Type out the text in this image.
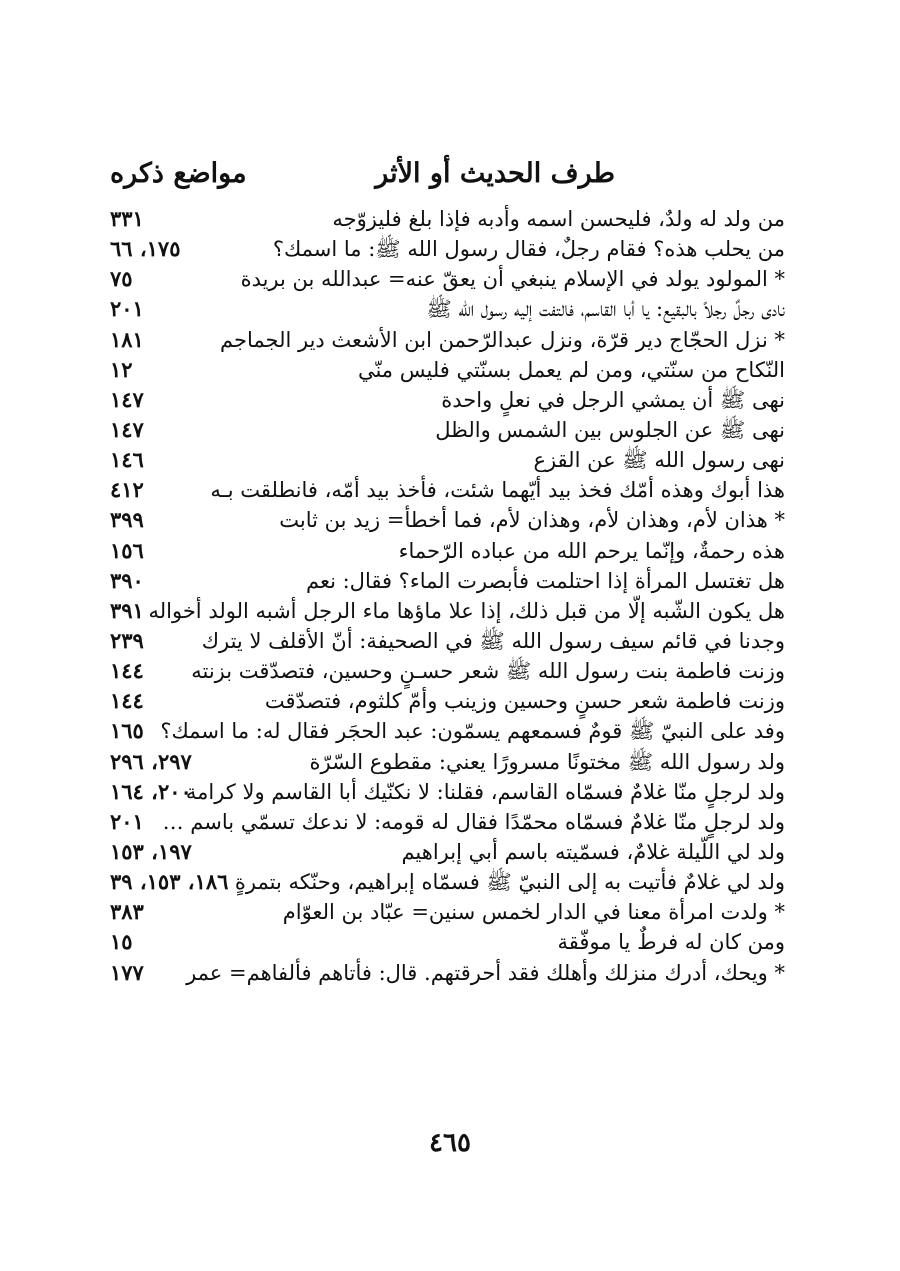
طرف الحديث أو الأثر
مواضع ذكره
من ولد له ولدٌ، فليحسن اسمه وأدبه فإذا بلغ فليزوّجه
٣٣١
من يحلب هذه؟ فقام رجلٌ، فقال رسول الله ﷺ: ما اسمك؟
١٧٥، ٦٦
* المولود يولد في الإسلام ينبغي أن يعقّ عنه= عبدالله بن بريدة
٧٥
نادى رجلٌ رجلاً بالبقيع: يا أبا القاسم، فالتفت إليه رسول الله ﷺ
٢٠١
* نزل الحجّاج دير قرّة، ونزل عبدالرّحمن ابن الأشعث دير الجماجم
١٨١
النّكاح من سنّتي، ومن لم يعمل بسنّتي فليس منّي
١٢
نهى ﷺ أن يمشي الرجل في نعلٍ واحدة
١٤٧
نهى ﷺ عن الجلوس بين الشمس والظل
١٤٧
نهى رسول الله ﷺ عن القزع
١٤٦
هذا أبوك وهذه أمّك فخذ بيد أيّهما شئت، فأخذ بيد أمّه، فانطلقت بـه
٤١٢
* هذان لأم، وهذان لأم، وهذان لأم، فما أخطأ= زيد بن ثابت
٣٩٩
هذه رحمةٌ، وإنّما يرحم الله من عباده الرّحماء
١٥٦
هل تغتسل المرأة إذا احتلمت فأبصرت الماء؟ فقال: نعم
٣٩٠
هل يكون الشّبه إلّا من قبل ذلك، إذا علا ماؤها ماء الرجل أشبه الولد أخواله
٣٩١
وجدنا في قائم سيف رسول الله ﷺ في الصحيفة: أنّ الأقلف لا يترك
٢٣٩
وزنت فاطمة بنت رسول الله ﷺ شعر حسـنٍ وحسين، فتصدّقت بزنته
١٤٤
وزنت فاطمة شعر حسنٍ وحسين وزينب وأمّ كلثوم، فتصدّقت
١٤٤
وفد على النبيّ ﷺ قومٌ فسمعهم يسمّون: عبد الحجَر فقال له: ما اسمك؟
١٦٥
ولد رسول الله ﷺ مختونًا مسرورًا يعني: مقطوع السّرّة
٢٩٧، ٢٩٦
ولد لرجلٍ منّا غلامٌ فسمّاه القاسم، فقلنا: لا نكنّيك أبا القاسم ولا كرامة
٢٠٠، ١٦٤
ولد لرجلٍ منّا غلامٌ فسمّاه محمّدًا فقال له قومه: لا ندعك تسمّي باسم …
٢٠١
ولد لي اللّيلة غلامٌ، فسمّيته باسم أبي إبراهيم
١٩٧، ١٥٣
ولد لي غلامٌ فأتيت به إلى النبيّ ﷺ فسمّاه إبراهيم، وحنّكه بتمرةٍ
١٨٦، ١٥٣، ٣٩
* ولدت امرأة معنا في الدار لخمس سنين= عبّاد بن العوّام
٣٨٣
ومن كان له فرطٌ يا موفّقة
١٥
* ويحك، أدرك منزلك وأهلك فقد أحرقتهم. قال: فأتاهم فألفاهم= عمر
١٧٧
٤٦٥
